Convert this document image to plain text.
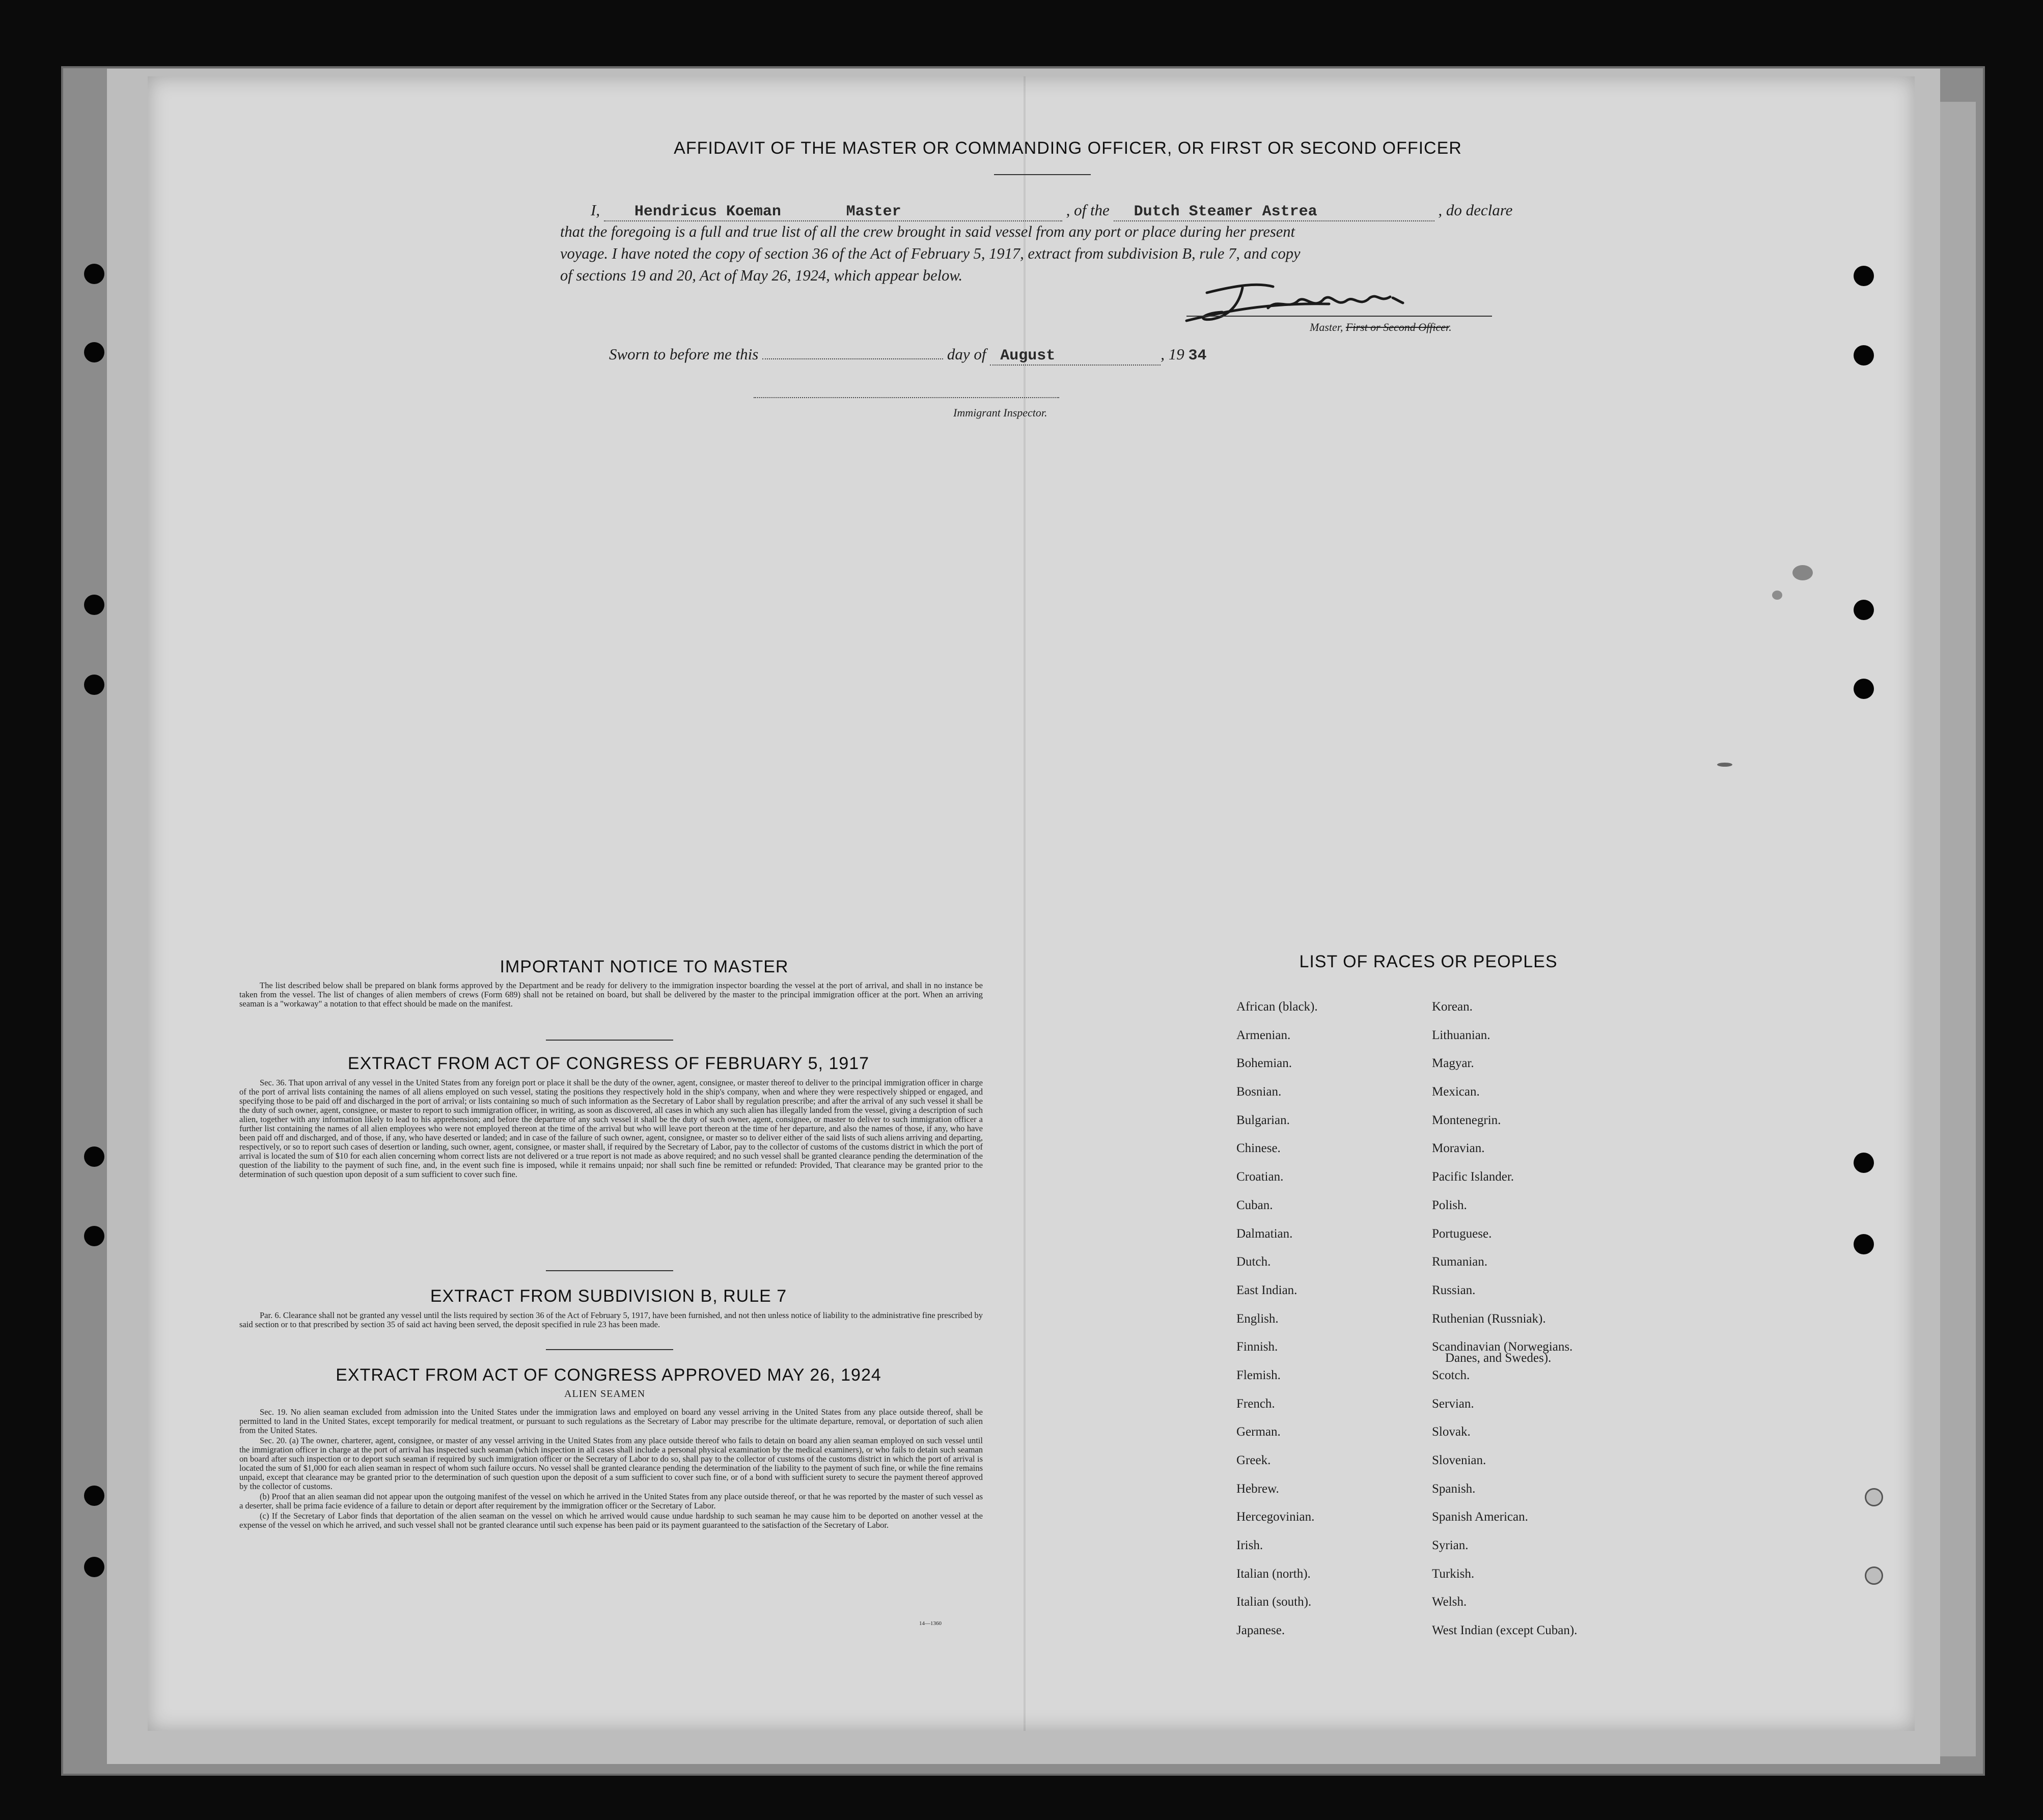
AFFIDAVIT OF THE MASTER OR COMMANDING OFFICER, OR FIRST OR SECOND OFFICER
I, Hendricus Koeman	Master	, of the Dutch Steamer Astrea	, do declare
that the foregoing is a full and true list of all the crew brought in said vessel from any port or place during her present
voyage. I have noted the copy of section 36 of the Act of February 5, 1917, extract from subdivision B, rule 7, and copy
of sections 19 and 20, Act of May 26, 1924, which appear below.	J. Koeman
Master, First or Second Officer.
Sworn to before me this	day of August	, 19 34
Immigrant Inspector.
IMPORTANT NOTICE TO MASTER

The list described below shall be prepared on blank forms approved by the Department and be ready for delivery to the immigration inspector boarding the vessel at the port of arrival, and shall in no instance be taken from the vessel. The list of changes of alien members of crews (Form 689) shall not be retained on board, but shall be delivered by the master to the principal immigration officer at the port. When an arriving seaman is a "workaway" a notation to that effect should be made on the manifest.

EXTRACT FROM ACT OF CONGRESS OF FEBRUARY 5, 1917

Sec. 36. That upon arrival of any vessel in the United States from any foreign port or place it shall be the duty of the owner, agent, consignee, or master thereof to deliver to the principal immigration officer in charge of the port of arrival lists containing the names of all aliens employed on such vessel, stating the positions they respectively hold in the ship's company, when and where they were respectively shipped or engaged, and specifying those to be paid off and discharged in the port of arrival; or lists containing so much of such information as the Secretary of Labor shall by regulation prescribe; and after the arrival of any such vessel it shall be the duty of such owner, agent, consignee, or master to report to such immigration officer, in writing, as soon as discovered, all cases in which any such alien has illegally landed from the vessel, giving a description of such alien, together with any information likely to lead to his apprehension; and before the departure of any such vessel it shall be the duty of such owner, agent, consignee, or master to deliver to such immigration officer a further list containing the names of all alien employees who were not employed thereon at the time of the arrival but who will leave port thereon at the time of her departure, and also the names of those, if any, who have been paid off and discharged, and of those, if any, who have deserted or landed; and in case of the failure of such owner, agent, consignee, or master so to deliver either of the said lists of such aliens arriving and departing, respectively, or so to report such cases of desertion or landing, such owner, agent, consignee, or master shall, if required by the Secretary of Labor, pay to the collector of customs of the customs district in which the port of arrival is located the sum of $10 for each alien concerning whom correct lists are not delivered or a true report is not made as above required; and no such vessel shall be granted clearance pending the determination of the question of the liability to the payment of such fine, and, in the event such fine is imposed, while it remains unpaid; nor shall such fine be remitted or refunded: Provided, That clearance may be granted prior to the determination of such question upon deposit of a sum sufficient to cover such fine.

EXTRACT FROM SUBDIVISION B, RULE 7

Par. 6. Clearance shall not be granted any vessel until the lists required by section 36 of the Act of February 5, 1917, have been furnished, and not then unless notice of liability to the administrative fine prescribed by said section or to that prescribed by section 35 of said act having been served, the deposit specified in rule 23 has been made.

EXTRACT FROM ACT OF CONGRESS APPROVED MAY 26, 1924
ALIEN SEAMEN

Sec. 19. No alien seaman excluded from admission into the United States under the immigration laws and employed on board any vessel arriving in the United States from any place outside thereof, shall be permitted to land in the United States, except temporarily for medical treatment, or pursuant to such regulations as the Secretary of Labor may prescribe for the ultimate departure, removal, or deportation of such alien from the United States.

Sec. 20. (a) The owner, charterer, agent, consignee, or master of any vessel arriving in the United States from any place outside thereof who fails to detain on board any alien seaman employed on such vessel until the immigration officer in charge at the port of arrival has inspected such seaman (which inspection in all cases shall include a personal physical examination by the medical examiners), or who fails to detain such seaman on board after such inspection or to deport such seaman if required by such immigration officer or the Secretary of Labor to do so, shall pay to the collector of customs of the customs district in which the port of arrival is located the sum of $1,000 for each alien seaman in respect of whom such failure occurs. No vessel shall be granted clearance pending the determination of the liability to the payment of such fine, or while the fine remains unpaid, except that clearance may be granted prior to the determination of such question upon the deposit of a sum sufficient to cover such fine, or of a bond with sufficient surety to secure the payment thereof approved by the collector of customs.

(b) Proof that an alien seaman did not appear upon the outgoing manifest of the vessel on which he arrived in the United States from any place outside thereof, or that he was reported by the master of such vessel as a deserter, shall be prima facie evidence of a failure to detain or deport after requirement by the immigration officer or the Secretary of Labor.

(c) If the Secretary of Labor finds that deportation of the alien seaman on the vessel on which he arrived would cause undue hardship to such seaman he may cause him to be deported on another vessel at the expense of the vessel on which he arrived, and such vessel shall not be granted clearance until such expense has been paid or its payment guaranteed to the satisfaction of the Secretary of Labor.

14—1360
LIST OF RACES OR PEOPLES
African (black).
Armenian.
Bohemian.
Bosnian.
Bulgarian.
Chinese.
Croatian.
Cuban.
Dalmatian.
Dutch.
East Indian.
English.
Finnish.
Flemish.
French.
German.
Greek.
Hebrew.
Hercegovinian.
Irish.
Italian (north).
Italian (south).
Japanese.
Korean.
Lithuanian.
Magyar.
Mexican.
Montenegrin.
Moravian.
Pacific Islander.
Polish.
Portuguese.
Rumanian.
Russian.
Ruthenian (Russniak).
Scandinavian (Norwegians.
Danes, and Swedes).
Scotch.
Servian.
Slovak.
Slovenian.
Spanish.
Spanish American.
Syrian.
Turkish.
Welsh.
West Indian (except Cuban).
